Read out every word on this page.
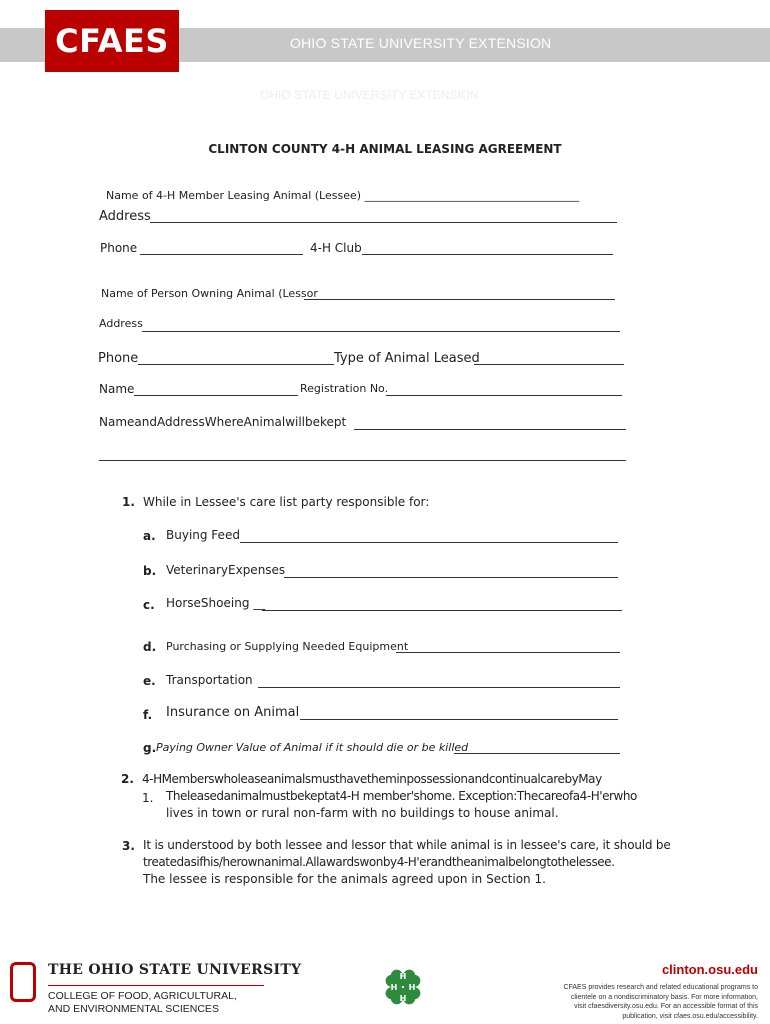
OHIO STATE UNIVERSITY EXTENSION
CFAES
OHIO STATE UNIVERSITY EXTENSION
CLINTON COUNTY 4-H ANIMAL LEASING AGREEMENT

Name of 4-H Member Leasing Animal (Lessee) _______________________________________

Address
Phone	4-H Club
Name of Person Owning Animal (Lessor
Address
Phone	Type of Animal Leased
Name	Registration No.
NameandAddressWhereAnimalwillbekept
1. While in Lessee's care list party responsible for:
a. Buying Feed
b. VeterinaryExpenses
c. HorseShoeing __
d. Purchasing or Supplying Needed Equipment
e. Transportation
f. Insurance on Animal
g. Paying Owner Value of Animal if it should die or be killed
2. 4-HMemberswholeaseanimalsmusthavetheminpossessionandcontinualcarebyMay
1. Theleasedanimalmustbekeptat4-H member'shome. Exception:Thecareofa4-H'erwho
lives in town or rural non-farm with no buildings to house animal.
3. It is understood by both lessee and lessor that while animal is in lessee's care, it should be
treatedasifhis/herownanimal.Allawardswonby4-H'erandtheanimalbelongtothelessee.
The lessee is responsible for the animals agreed upon in Section 1.
THE OHIO STATE UNIVERSITY
COLLEGE OF FOOD, AGRICULTURAL,
AND ENVIRONMENTAL SCIENCES
H
H
H
H
clinton.osu.edu
CFAES provides research and related educational programs to
clientele on a nondiscriminatory basis. For more information,
visit cfaesdiversity.osu.edu. For an accessible format of this
publication, visit cfaes.osu.edu/accessibility.
